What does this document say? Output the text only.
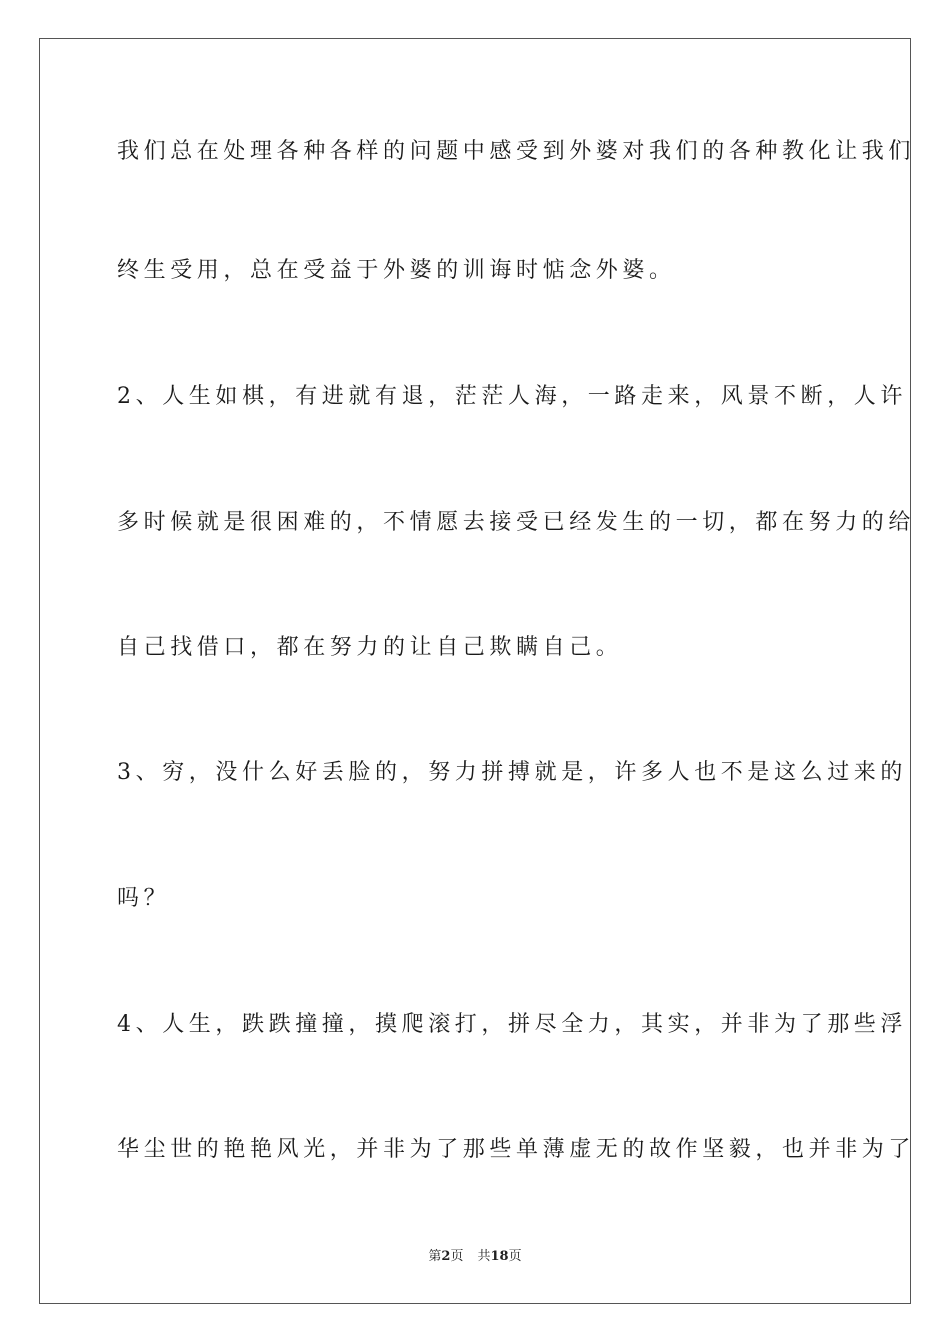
我们总在处理各种各样的问题中感受到外婆对我们的各种教化让我们
终生受用，总在受益于外婆的训诲时惦念外婆。
2、人生如棋，有进就有退，茫茫人海，一路走来，风景不断，人许
多时候就是很困难的，不情愿去接受已经发生的一切，都在努力的给
自己找借口，都在努力的让自己欺瞒自己。
3、穷，没什么好丢脸的，努力拼搏就是，许多人也不是这么过来的
吗？
4、人生，跌跌撞撞，摸爬滚打，拼尽全力，其实，并非为了那些浮
华尘世的艳艳风光，并非为了那些单薄虚无的故作坚毅，也并非为了
第2页 共18页
